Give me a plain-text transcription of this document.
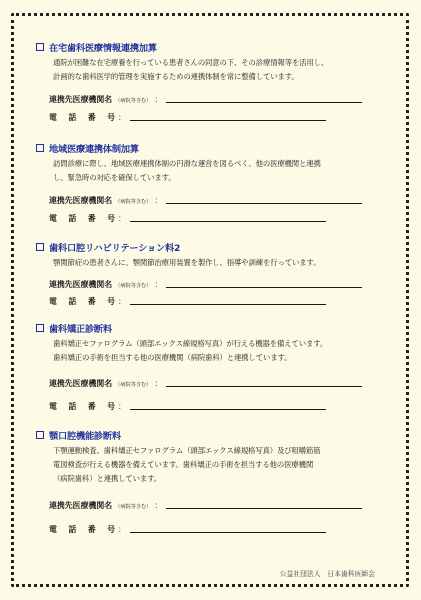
在宅歯科医療情報連携加算
通院が困難な在宅療養を行っている患者さんの同意の下、その診療情報等を活用し、
計画的な歯科医学的管理を実施するための連携体制を常に整備しています。
連携先医療機関名 （病院等含む） ：
電 話 番 号 ：
地域医療連携体制加算
訪問診療に際し、地域医療連携体制の円滑な運営を図るべく、他の医療機関と連携
し、緊急時の対応を確保しています。
連携先医療機関名 （病院等含む） ：
電 話 番 号 ：
歯科口腔リハビリテーション料2
顎関節症の患者さんに、顎関節治療用装置を製作し、指導や訓練を行っています。
連携先医療機関名 （病院等含む） ：
電 話 番 号 ：
歯科矯正診断料
歯科矯正セファログラム（頭部エックス線規格写真）が行える機器を備えています。
歯科矯正の手術を担当する他の医療機関（病院歯科）と連携しています。
連携先医療機関名 （病院等含む） ：
電 話 番 号 ：
顎口腔機能診断料
下顎運動検査、歯科矯正セファログラム（頭部エックス線規格写真）及び咀嚼筋筋
電図検査が行える機器を備えています。歯科矯正の手術を担当する他の医療機関
（病院歯科）と連携しています。
連携先医療機関名 （病院等含む） ：
電 話 番 号 ：
公益社団法人　日本歯科医師会
